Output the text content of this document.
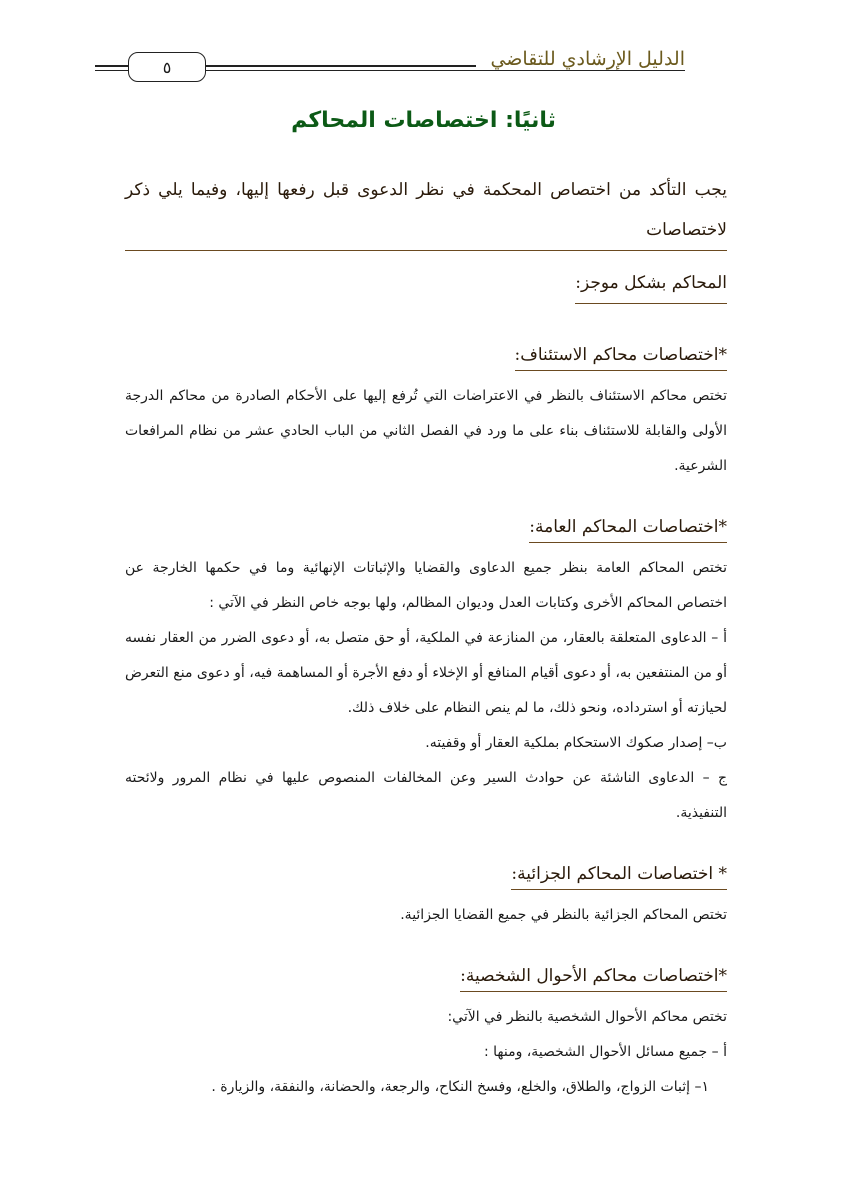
٥	الدليل الإرشادي للتقاضي
ثانيًا: اختصاصات المحاكم
يجب التأكد من اختصاص المحكمة في نظر الدعوى قبل رفعها إليها، وفيما يلي ذكر لاختصاصات
المحاكم بشكل موجز:
*اختصاصات محاكم الاستئناف:

تختص محاكم الاستئناف بالنظر في الاعتراضات التي تُرفع إليها على الأحكام الصادرة من محاكم الدرجة الأولى والقابلة للاستئناف بناء على ما ورد في الفصل الثاني من الباب الحادي عشر من نظام المرافعات الشرعية.

*اختصاصات المحاكم العامة:

تختص المحاكم العامة بنظر جميع الدعاوى والقضايا والإثباتات الإنهائية وما في حكمها الخارجة عن اختصاص المحاكم الأخرى وكتابات العدل وديوان المظالم، ولها بوجه خاص النظر في الآتي :

أ – الدعاوى المتعلقة بالعقار، من المنازعة في الملكية، أو حق متصل به، أو دعوى الضرر من العقار نفسه أو من المنتفعين به، أو دعوى أقيام المنافع أو الإخلاء أو دفع الأجرة أو المساهمة فيه، أو دعوى منع التعرض لحيازته أو استرداده، ونحو ذلك، ما لم ينص النظام على خلاف ذلك.

ب– إصدار صكوك الاستحكام بملكية العقار أو وقفيته.

ج – الدعاوى الناشئة عن حوادث السير وعن المخالفات المنصوص عليها في نظام المرور ولائحته التنفيذية.

* اختصاصات المحاكم الجزائية:

تختص المحاكم الجزائية بالنظر في جميع القضايا الجزائية.

*اختصاصات محاكم الأحوال الشخصية:

تختص محاكم الأحوال الشخصية بالنظر في الآتي:

أ – جميع مسائل الأحوال الشخصية، ومنها :

١– إثبات الزواج، والطلاق، والخلع، وفسخ النكاح، والرجعة، والحضانة، والنفقة، والزيارة .
